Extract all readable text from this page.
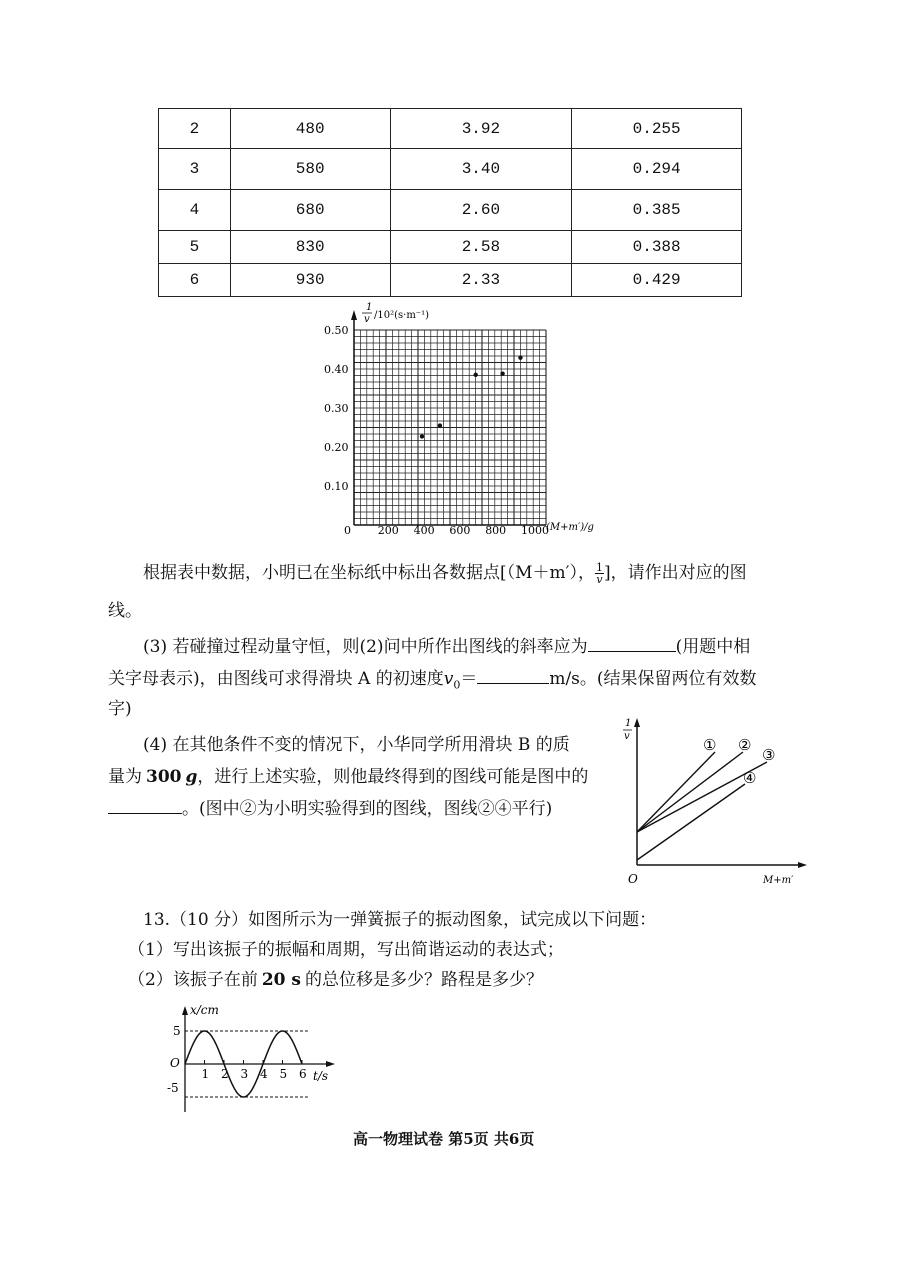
2	480	3.92	0.255
3	580	3.40	0.294
4	680	2.60	0.385
5	830	2.58	0.388
6	930	2.33	0.429
1
v /10²(s·m⁻¹)
(M+m′)/g
0 200 400 600 800 1000
0.50
0.40
0.30
0.20
0.10
根据表中数据，小明已在坐标纸中标出各数据点[（M＋m′）， $\frac{1}{v}$ ]，请作出对应的图
线。
(3) 若碰撞过程动量守恒，则(2)问中所作出图线的斜率应为	(用题中相
关字母表示)，由图线可求得滑块 A 的初速度$v_0=$	m/s。(结果保留两位有效数
字)
(4) 在其他条件不变的情况下，小华同学所用滑块 B 的质
量为 300 g，进行上述实验，则他最终得到的图线可能是图中的
。(图中②为小明实验得到的图线，图线②④平行)
1
v
O	M+m′
① ②
③
④
13.（10 分）如图所示为一弹簧振子的振动图象，试完成以下问题：
（1）写出该振子的振幅和周期，写出简谐运动的表达式；
（2）该振子在前 20 s 的总位移是多少？路程是多少？
x/cm
t/s
O
5
-5
1 2 3 4 5 6
高一物理试卷 第5页 共6页
